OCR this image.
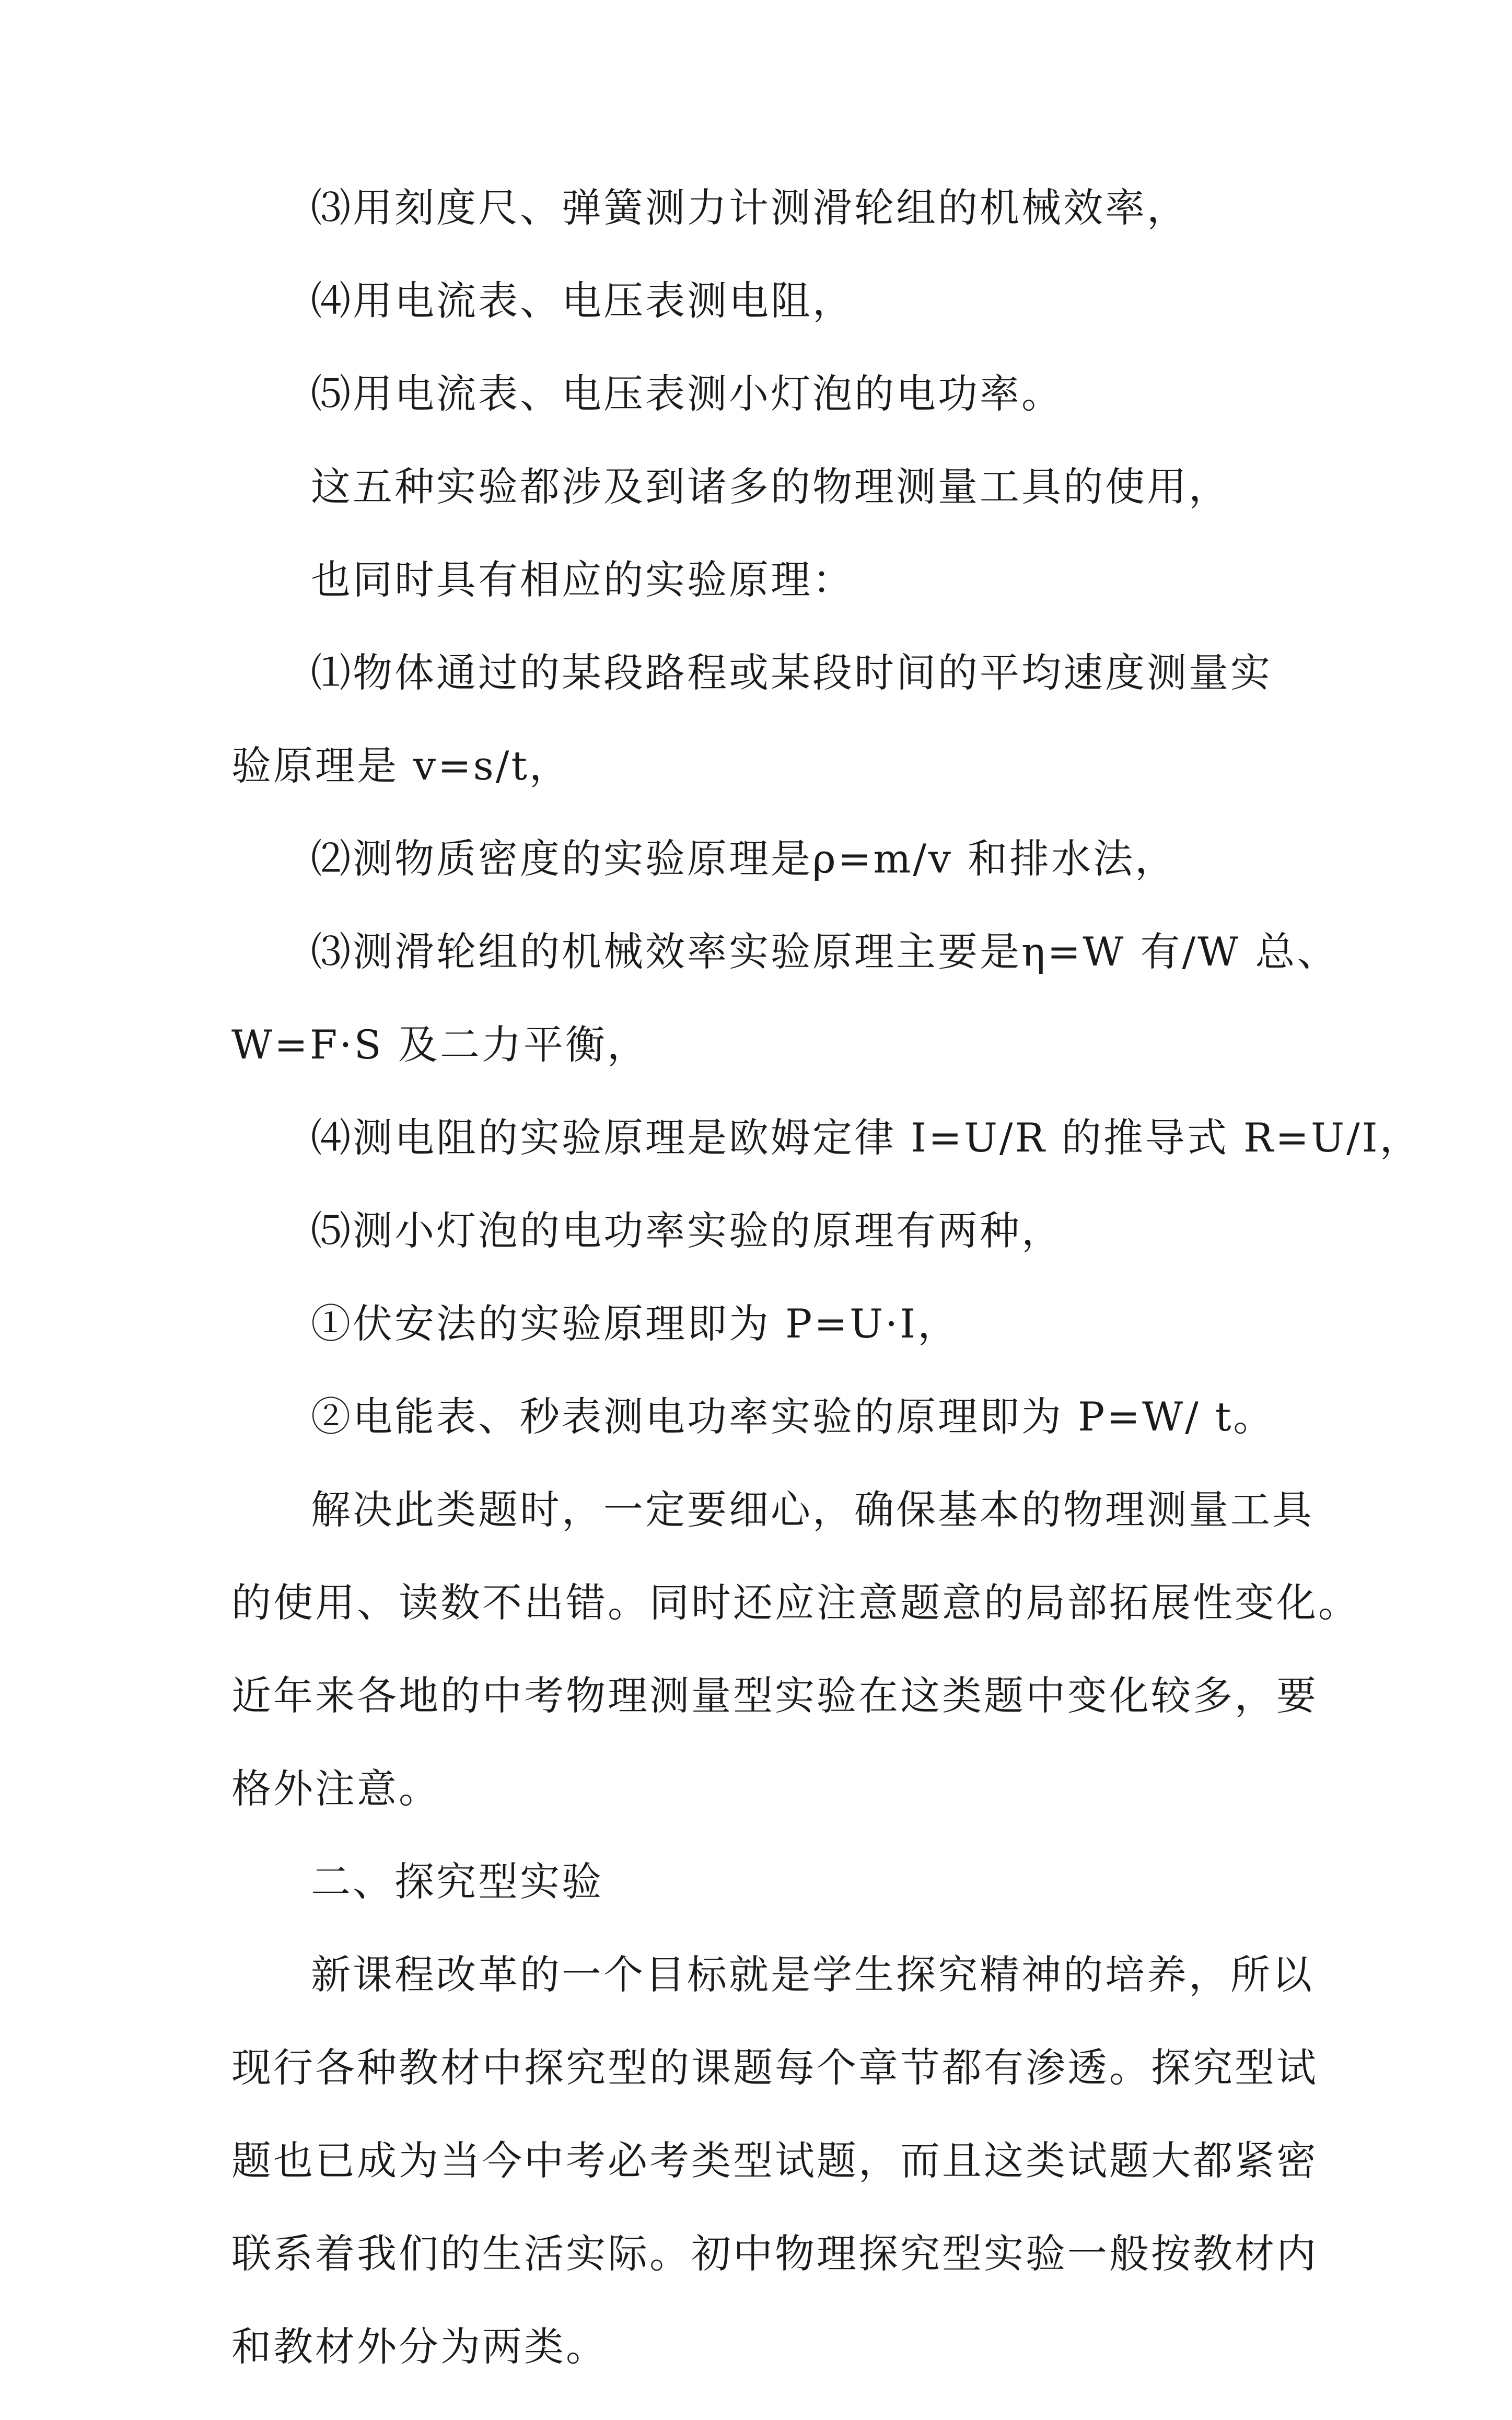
⑶用刻度尺、弹簧测力计测滑轮组的机械效率，
⑷用电流表、电压表测电阻，
⑸用电流表、电压表测小灯泡的电功率。
这五种实验都涉及到诸多的物理测量工具的使用，
也同时具有相应的实验原理：
⑴物体通过的某段路程或某段时间的平均速度测量实
验原理是 v=s/t，
⑵测物质密度的实验原理是ρ=m/v 和排水法，
⑶测滑轮组的机械效率实验原理主要是η=W 有/W 总、
W=F·S 及二力平衡，
⑷测电阻的实验原理是欧姆定律 I=U/R 的推导式 R=U/I，
⑸测小灯泡的电功率实验的原理有两种，
①伏安法的实验原理即为 P=U·I，
②电能表、秒表测电功率实验的原理即为 P=W/ t。
解决此类题时，一定要细心，确保基本的物理测量工具
的使用、读数不出错。同时还应注意题意的局部拓展性变化。
近年来各地的中考物理测量型实验在这类题中变化较多，要
格外注意。
二、探究型实验
新课程改革的一个目标就是学生探究精神的培养，所以
现行各种教材中探究型的课题每个章节都有渗透。探究型试
题也已成为当今中考必考类型试题，而且这类试题大都紧密
联系着我们的生活实际。初中物理探究型实验一般按教材内
和教材外分为两类。
